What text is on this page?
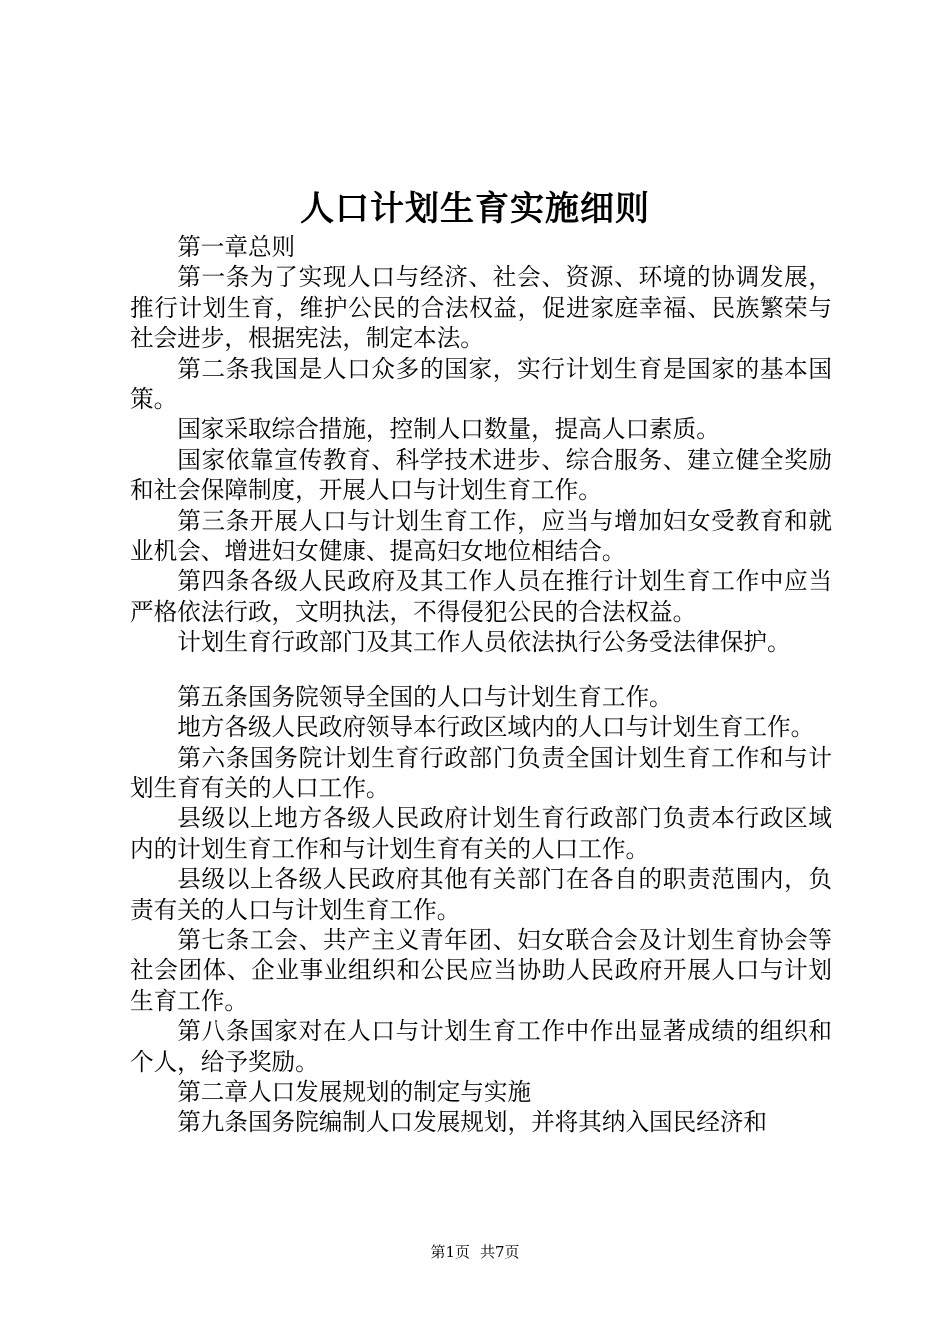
人口计划生育实施细则

第一章总则

第一条为了实现人口与经济、社会、资源、环境的协调发展，推行计划生育，维护公民的合法权益，促进家庭幸福、民族繁荣与社会进步，根据宪法，制定本法。

第二条我国是人口众多的国家，实行计划生育是国家的基本国策。

国家采取综合措施，控制人口数量，提高人口素质。

国家依靠宣传教育、科学技术进步、综合服务、建立健全奖励和社会保障制度，开展人口与计划生育工作。

第三条开展人口与计划生育工作，应当与增加妇女受教育和就业机会、增进妇女健康、提高妇女地位相结合。

第四条各级人民政府及其工作人员在推行计划生育工作中应当严格依法行政，文明执法，不得侵犯公民的合法权益。

计划生育行政部门及其工作人员依法执行公务受法律保护。

第五条国务院领导全国的人口与计划生育工作。

地方各级人民政府领导本行政区域内的人口与计划生育工作。

第六条国务院计划生育行政部门负责全国计划生育工作和与计划生育有关的人口工作。

县级以上地方各级人民政府计划生育行政部门负责本行政区域内的计划生育工作和与计划生育有关的人口工作。

县级以上各级人民政府其他有关部门在各自的职责范围内，负责有关的人口与计划生育工作。

第七条工会、共产主义青年团、妇女联合会及计划生育协会等社会团体、企业事业组织和公民应当协助人民政府开展人口与计划生育工作。

第八条国家对在人口与计划生育工作中作出显著成绩的组织和个人，给予奖励。

第二章人口发展规划的制定与实施

第九条国务院编制人口发展规划，并将其纳入国民经济和

第1页 共7页
